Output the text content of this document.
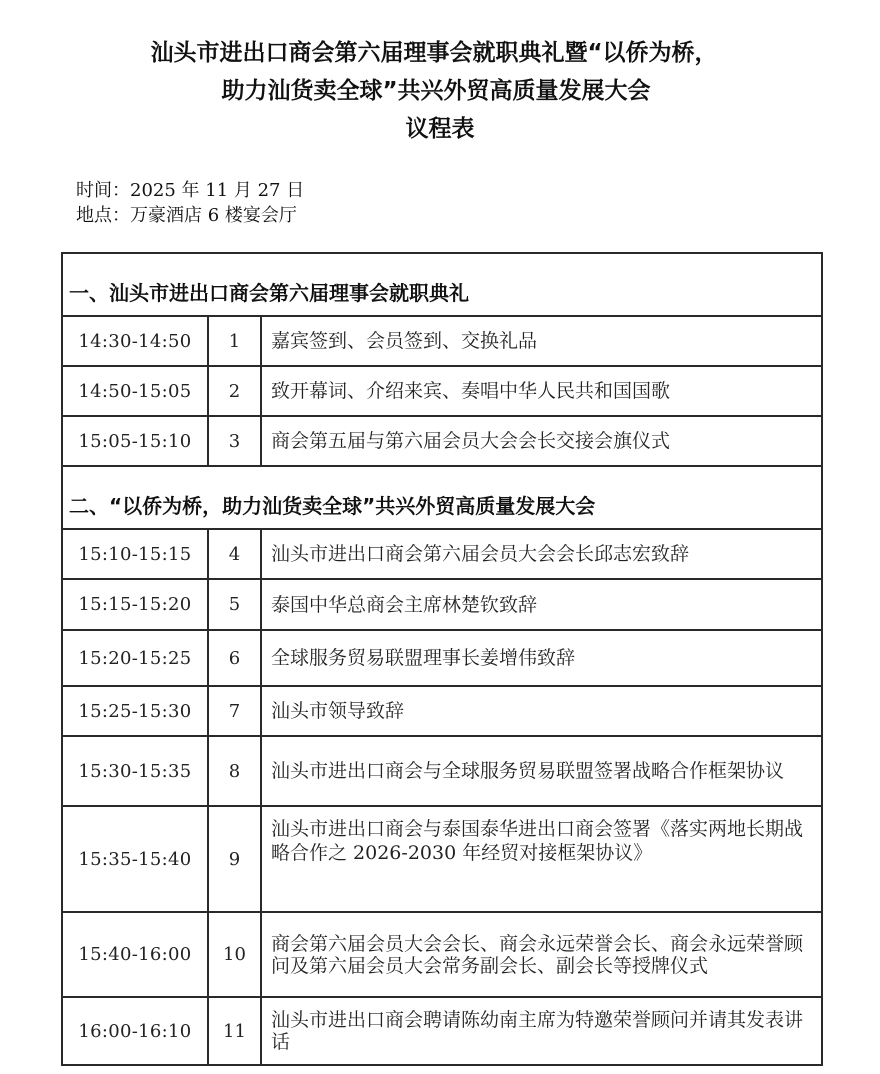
汕头市进出口商会第六届理事会就职典礼暨“以侨为桥，
助力汕货卖全球”共兴外贸高质量发展大会
议程表
时间：2025 年 11 月 27 日
地点：万豪酒店 6 楼宴会厅
一、汕头市进出口商会第六届理事会就职典礼		
14:30-14:50	1	嘉宾签到、会员签到、交换礼品
14:50-15:05	2	致开幕词、介绍来宾、奏唱中华人民共和国国歌
15:05-15:10	3	商会第五届与第六届会员大会会长交接会旗仪式
二、“以侨为桥，助力汕货卖全球”共兴外贸高质量发展大会		
15:10-15:15	4	汕头市进出口商会第六届会员大会会长邱志宏致辞
15:15-15:20	5	泰国中华总商会主席林楚钦致辞
15:20-15:25	6	全球服务贸易联盟理事长姜增伟致辞
15:25-15:30	7	汕头市领导致辞
15:30-15:35	8	汕头市进出口商会与全球服务贸易联盟签署战略合作框架协议
15:35-15:40	9	汕头市进出口商会与泰国泰华进出口商会签署《落实两地长期战略合作之 2026-2030 年经贸对接框架协议》
15:40-16:00	10	商会第六届会员大会会长、商会永远荣誉会长、商会永远荣誉顾问及第六届会员大会常务副会长、副会长等授牌仪式
16:00-16:10	11	汕头市进出口商会聘请陈幼南主席为特邀荣誉顾问并请其发表讲话
